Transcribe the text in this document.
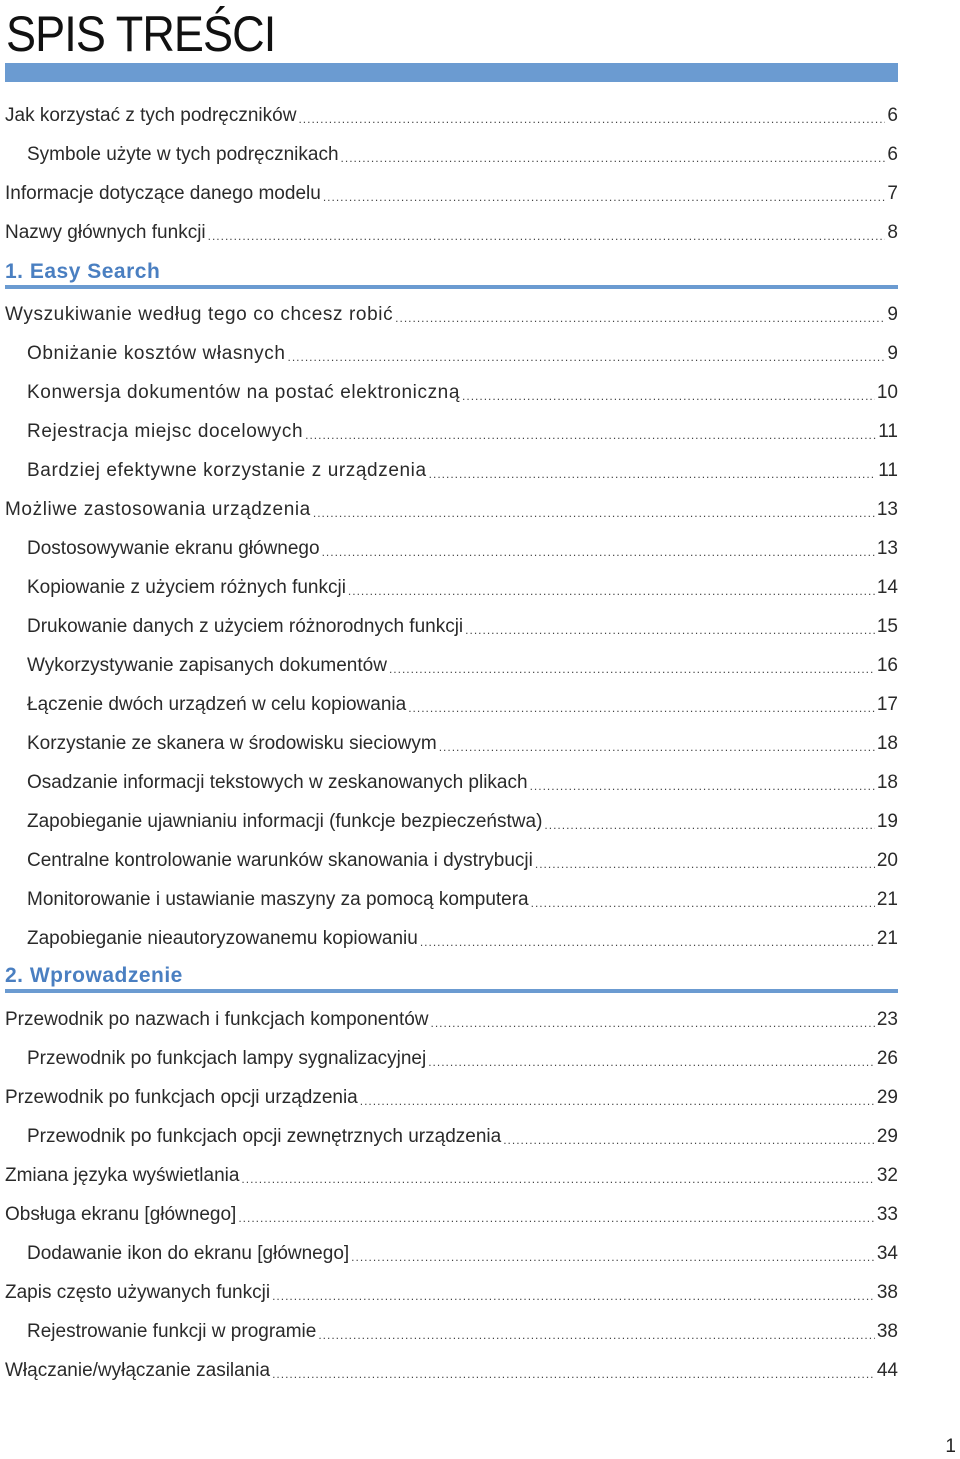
SPIS TREŚCI
Jak korzystać z tych podręczników .....	6
Symbole użyte w tych podręcznikach .....	6
Informacje dotyczące danego modelu .....	7
Nazwy głównych funkcji .....	8
1. Easy Search
Wyszukiwanie według tego co chcesz robić .....	9
Obniżanie kosztów własnych .....	9
Konwersja dokumentów na postać elektroniczną .....	10
Rejestracja miejsc docelowych .....	11
Bardziej efektywne korzystanie z urządzenia .....	11
Możliwe zastosowania urządzenia .....	13
Dostosowywanie ekranu głównego .....	13
Kopiowanie z użyciem różnych funkcji .....	14
Drukowanie danych z użyciem różnorodnych funkcji .....	15
Wykorzystywanie zapisanych dokumentów .....	16
Łączenie dwóch urządzeń w celu kopiowania .....	17
Korzystanie ze skanera w środowisku sieciowym .....	18
Osadzanie informacji tekstowych w zeskanowanych plikach .....	18
Zapobieganie ujawnianiu informacji (funkcje bezpieczeństwa) .....	19
Centralne kontrolowanie warunków skanowania i dystrybucji .....	20
Monitorowanie i ustawianie maszyny za pomocą komputera .....	21
Zapobieganie nieautoryzowanemu kopiowaniu .....	21
2. Wprowadzenie
Przewodnik po nazwach i funkcjach komponentów .....	23
Przewodnik po funkcjach lampy sygnalizacyjnej .....	26
Przewodnik po funkcjach opcji urządzenia .....	29
Przewodnik po funkcjach opcji zewnętrznych urządzenia .....	29
Zmiana języka wyświetlania .....	32
Obsługa ekranu [głównego] .....	33
Dodawanie ikon do ekranu [głównego] .....	34
Zapis często używanych funkcji .....	38
Rejestrowanie funkcji w programie .....	38
Włączanie/wyłączanie zasilania .....	44
1
